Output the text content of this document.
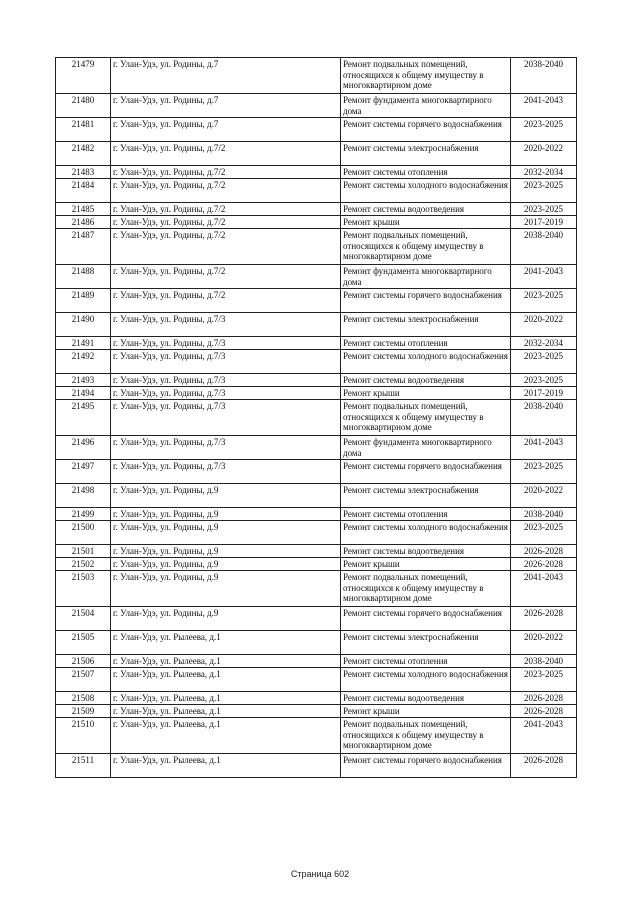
21479	г. Улан-Удэ, ул. Родины, д.7	Ремонт подвальных помещений, относящихся к общему имуществу в многоквартирном доме	2038-2040
21480	г. Улан-Удэ, ул. Родины, д.7	Ремонт фундамента многоквартирного дома	2041-2043
21481	г. Улан-Удэ, ул. Родины, д.7	Ремонт системы горячего водоснабжения	2023-2025
21482	г. Улан-Удэ, ул. Родины, д.7/2	Ремонт системы электроснабжения	2020-2022
21483	г. Улан-Удэ, ул. Родины, д.7/2	Ремонт системы отопления	2032-2034
21484	г. Улан-Удэ, ул. Родины, д.7/2	Ремонт системы холодного водоснабжения	2023-2025
21485	г. Улан-Удэ, ул. Родины, д.7/2	Ремонт системы водоотведения	2023-2025
21486	г. Улан-Удэ, ул. Родины, д.7/2	Ремонт крыши	2017-2019
21487	г. Улан-Удэ, ул. Родины, д.7/2	Ремонт подвальных помещений, относящихся к общему имуществу в многоквартирном доме	2038-2040
21488	г. Улан-Удэ, ул. Родины, д.7/2	Ремонт фундамента многоквартирного дома	2041-2043
21489	г. Улан-Удэ, ул. Родины, д.7/2	Ремонт системы горячего водоснабжения	2023-2025
21490	г. Улан-Удэ, ул. Родины, д.7/3	Ремонт системы электроснабжения	2020-2022
21491	г. Улан-Удэ, ул. Родины, д.7/3	Ремонт системы отопления	2032-2034
21492	г. Улан-Удэ, ул. Родины, д.7/3	Ремонт системы холодного водоснабжения	2023-2025
21493	г. Улан-Удэ, ул. Родины, д.7/3	Ремонт системы водоотведения	2023-2025
21494	г. Улан-Удэ, ул. Родины, д.7/3	Ремонт крыши	2017-2019
21495	г. Улан-Удэ, ул. Родины, д.7/3	Ремонт подвальных помещений, относящихся к общему имуществу в многоквартирном доме	2038-2040
21496	г. Улан-Удэ, ул. Родины, д.7/3	Ремонт фундамента многоквартирного дома	2041-2043
21497	г. Улан-Удэ, ул. Родины, д.7/3	Ремонт системы горячего водоснабжения	2023-2025
21498	г. Улан-Удэ, ул. Родины, д.9	Ремонт системы электроснабжения	2020-2022
21499	г. Улан-Удэ, ул. Родины, д.9	Ремонт системы отопления	2038-2040
21500	г. Улан-Удэ, ул. Родины, д.9	Ремонт системы холодного водоснабжения	2023-2025
21501	г. Улан-Удэ, ул. Родины, д.9	Ремонт системы водоотведения	2026-2028
21502	г. Улан-Удэ, ул. Родины, д.9	Ремонт крыши	2026-2028
21503	г. Улан-Удэ, ул. Родины, д.9	Ремонт подвальных помещений, относящихся к общему имуществу в многоквартирном доме	2041-2043
21504	г. Улан-Удэ, ул. Родины, д.9	Ремонт системы горячего водоснабжения	2026-2028
21505	г. Улан-Удэ, ул. Рылеева, д.1	Ремонт системы электроснабжения	2020-2022
21506	г. Улан-Удэ, ул. Рылеева, д.1	Ремонт системы отопления	2038-2040
21507	г. Улан-Удэ, ул. Рылеева, д.1	Ремонт системы холодного водоснабжения	2023-2025
21508	г. Улан-Удэ, ул. Рылеева, д.1	Ремонт системы водоотведения	2026-2028
21509	г. Улан-Удэ, ул. Рылеева, д.1	Ремонт крыши	2026-2028
21510	г. Улан-Удэ, ул. Рылеева, д.1	Ремонт подвальных помещений, относящихся к общему имуществу в многоквартирном доме	2041-2043
21511	г. Улан-Удэ, ул. Рылеева, д.1	Ремонт системы горячего водоснабжения	2026-2028
Страница 602
